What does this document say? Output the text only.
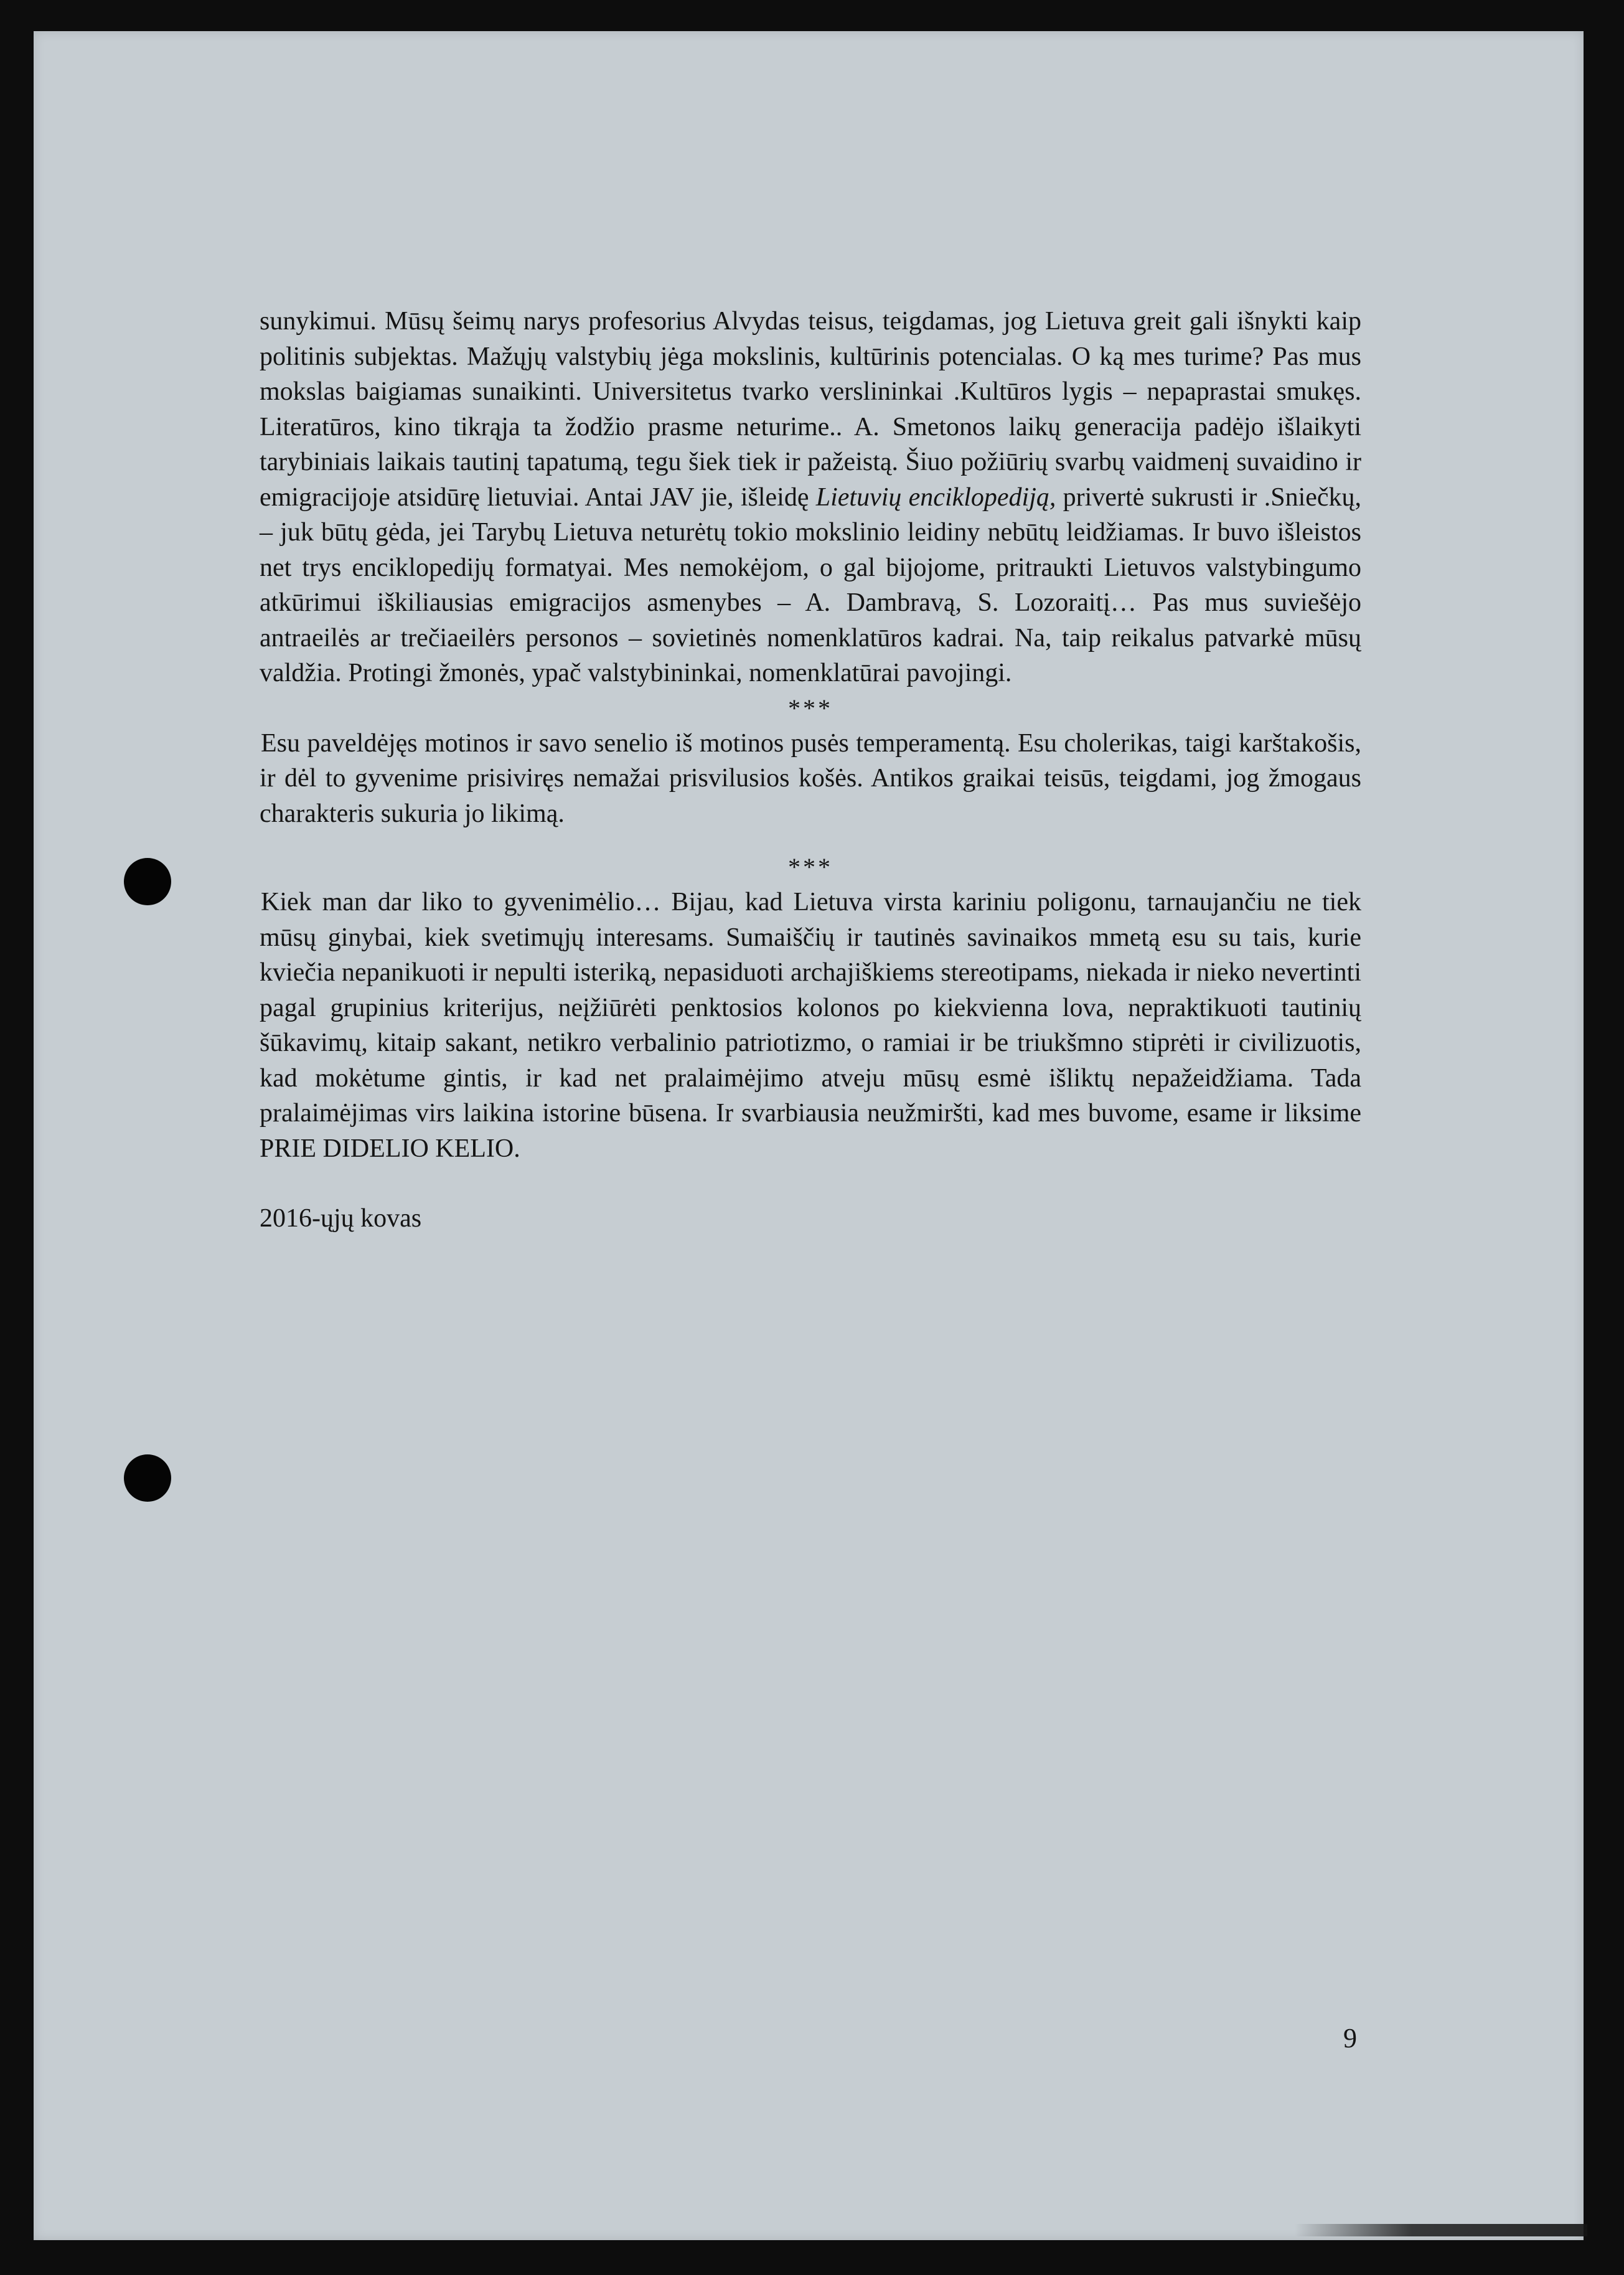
sunykimui. Mūsų šeimų narys profesorius Alvydas teisus, teigdamas, jog Lietuva greit gali išnykti kaip politinis subjektas. Mažųjų valstybių jėga mokslinis, kultūrinis potencialas. O ką mes turime? Pas mus mokslas baigiamas sunaikinti. Universitetus tvarko verslininkai .Kultūros lygis – nepaprastai smukęs. Literatūros, kino tikrąja ta žodžio prasme neturime.. A. Smetonos laikų generacija padėjo išlaikyti tarybiniais laikais tautinį tapatumą, tegu šiek tiek ir pažeistą. Šiuo požiūrių svarbų vaidmenį suvaidino ir emigracijoje atsidūrę lietuviai. Antai JAV jie, išleidę Lietuvių enciklopediją, privertė sukrusti ir .Sniečkų, – juk būtų gėda, jei Tarybų Lietuva neturėtų tokio mokslinio leidiny nebūtų leidžiamas. Ir buvo išleistos net trys enciklopedijų formatyai. Mes nemokėjom, o gal bijojome, pritraukti Lietuvos valstybingumo atkūrimui iškiliausias emigracijos asmenybes – A. Dambravą, S. Lozoraitį… Pas mus suviešėjo antraeilės ar trečiaeilėrs personos – sovietinės nomenklatūros kadrai. Na, taip reikalus patvarkė mūsų valdžia. Protingi žmonės, ypač valstybininkai, nomenklatūrai pavojingi.

***

Esu paveldėjęs motinos ir savo senelio iš motinos pusės temperamentą. Esu cholerikas, taigi karštakošis, ir dėl to gyvenime prisiviręs nemažai prisvilusios košės. Antikos graikai teisūs, teigdami, jog žmogaus charakteris sukuria jo likimą.

***

Kiek man dar liko to gyvenimėlio… Bijau, kad Lietuva virsta kariniu poligonu, tarnaujančiu ne tiek mūsų ginybai, kiek svetimųjų interesams. Sumaiščių ir tautinės savinaikos mmetą esu su tais, kurie kviečia nepanikuoti ir nepulti isteriką, nepasiduoti archajiškiems stereotipams, niekada ir nieko nevertinti pagal grupinius kriterijus, neįžiūrėti penktosios kolonos po kiekvienna lova, nepraktikuoti tautinių šūkavimų, kitaip sakant, netikro verbalinio patriotizmo, o ramiai ir be triukšmno stiprėti ir civilizuotis, kad mokėtume gintis, ir kad net pralaimėjimo atveju mūsų esmė išliktų nepažeidžiama. Tada pralaimėjimas virs laikina istorine būsena. Ir svarbiausia neužmiršti, kad mes buvome, esame ir liksime PRIE DIDELIO KELIO.

2016-ųjų kovas

9
